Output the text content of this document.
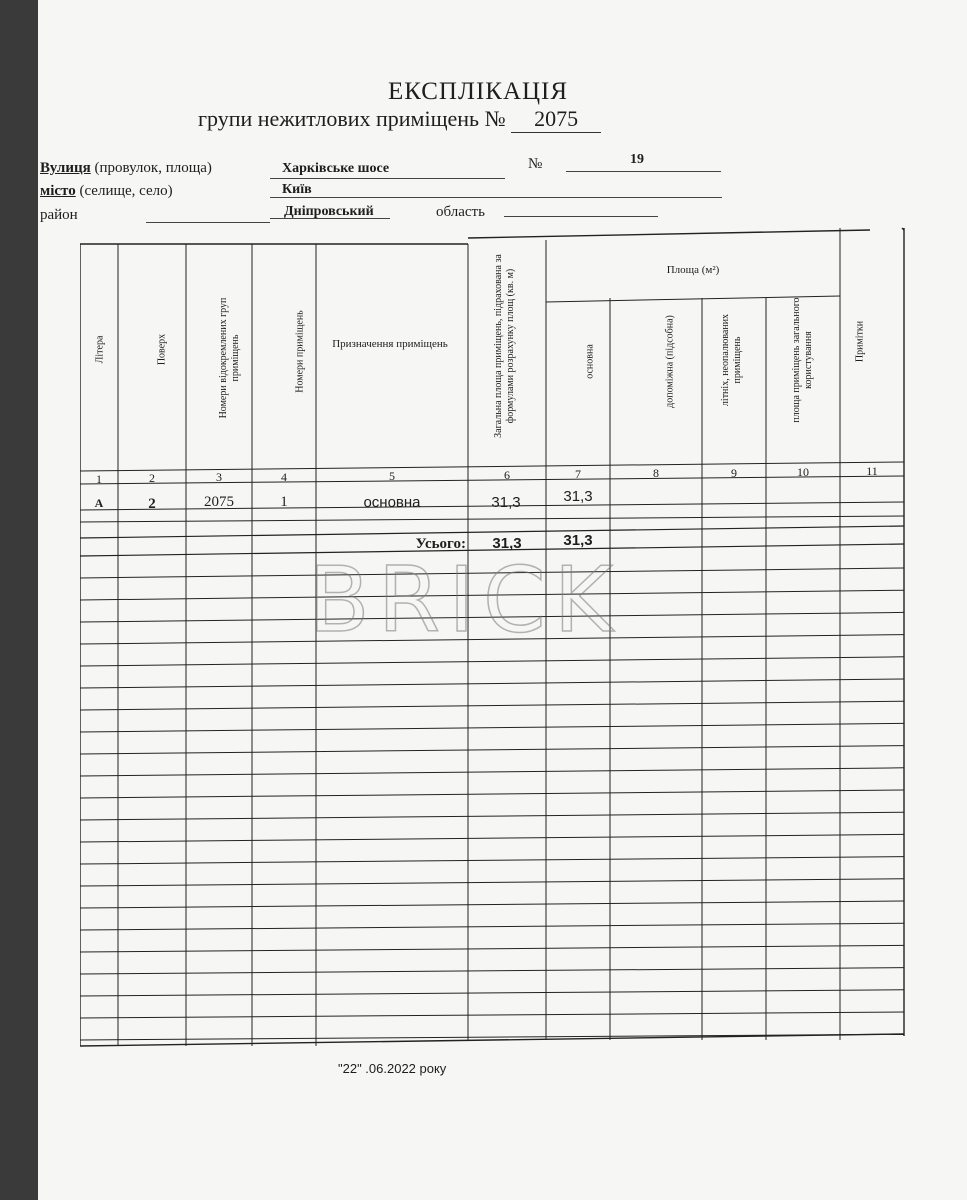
ЕКСПЛІКАЦІЯ
групи нежитлових приміщень № 2075
Вулиця (провулок, площа)	Харківське шосе	№	19
місто (селище, село)	Київ
район	Дніпровський	область
Літера	Поверх	Номери відокремлених груп приміщень	Номери приміщень	Призначення приміщень	Загальна площа приміщень, підрахована за формулами розрахунку площ (кв. м)	Площа (м²)
основна	допоміжна (підсобна)	літніх, неопалюваних приміщень	площа приміщень загального користування	Примітки
1	2	3	4	5	6	7	8	9	10	11
А	2	2075	1	основна	31,3	31,3
Усього:	31,3	31,3
BRICK
"22" .06.2022 року
